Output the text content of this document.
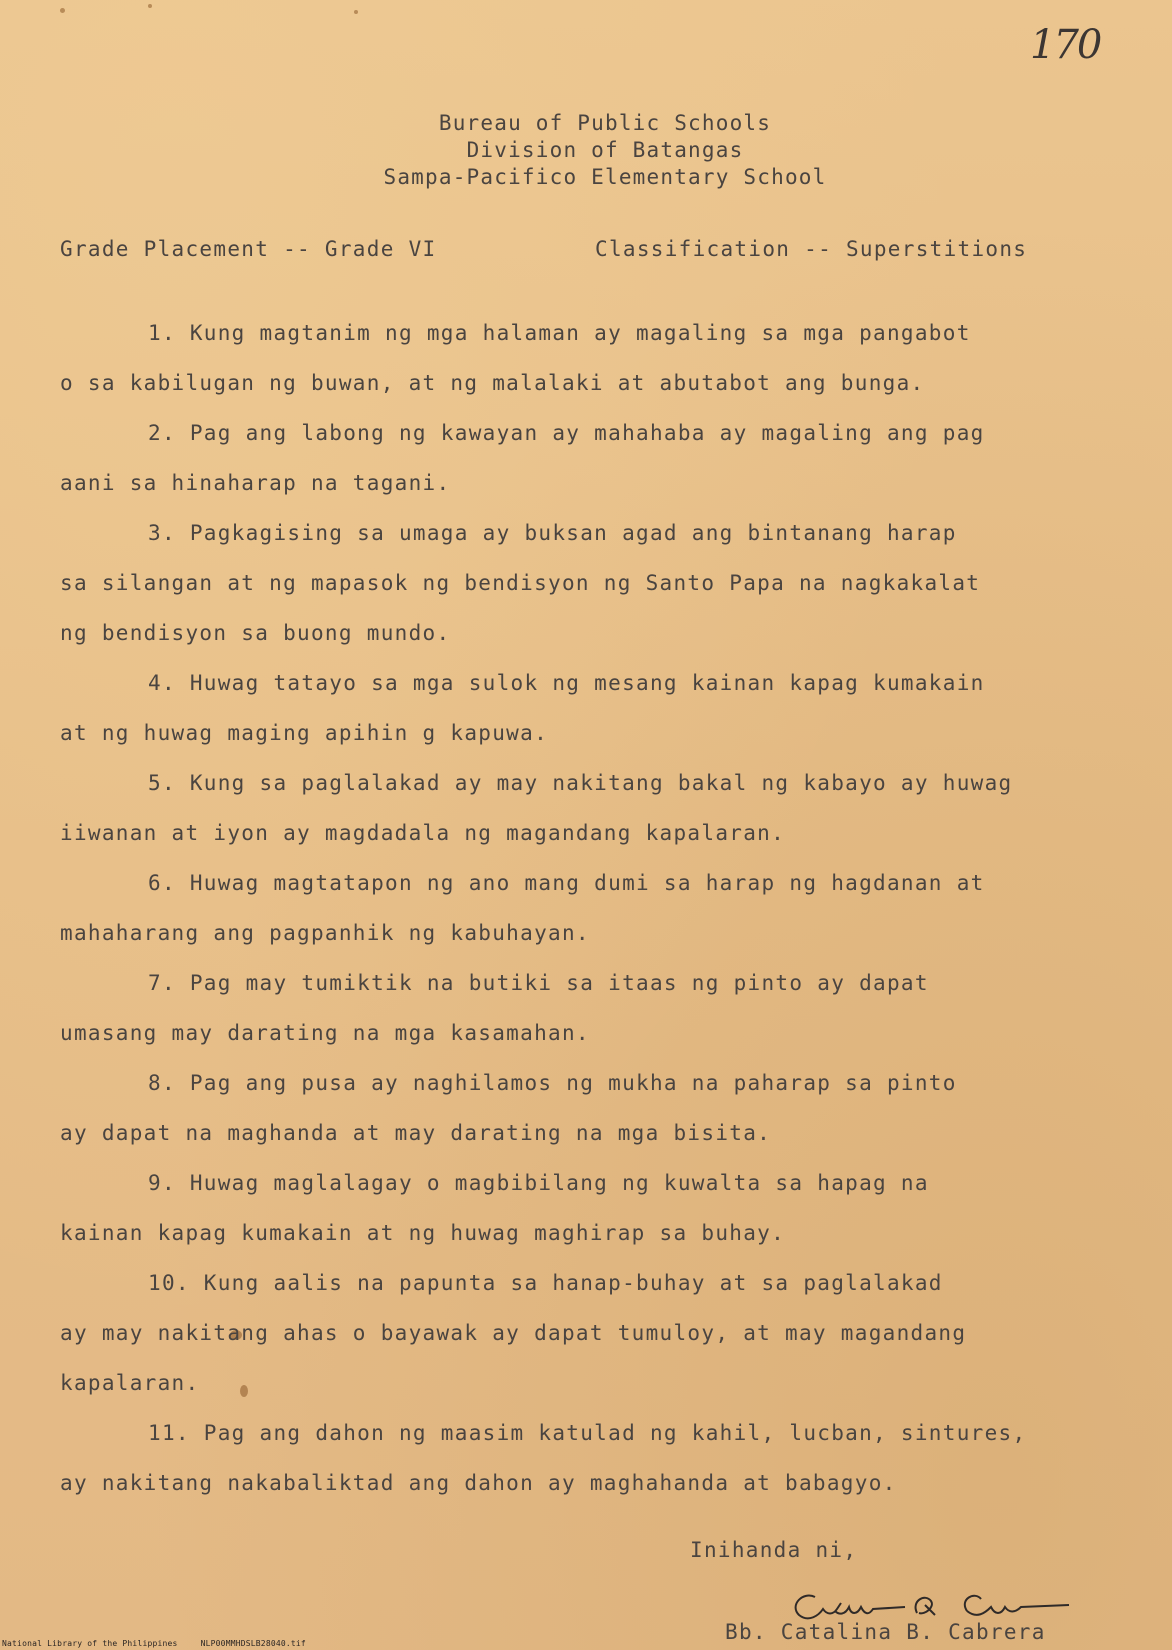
170
Bureau of Public Schools
Division of Batangas
Sampa-Pacifico Elementary School
Grade Placement -- Grade VI	Classification -- Superstitions
1. Kung magtanim ng mga halaman ay magaling sa mga pangabot
o sa kabilugan ng buwan, at ng malalaki at abutabot ang bunga.
2. Pag ang labong ng kawayan ay mahahaba ay magaling ang pag
aani sa hinaharap na tagani.
3. Pagkagising sa umaga ay buksan agad ang bintanang harap
sa silangan at ng mapasok ng bendisyon ng Santo Papa na nagkakalat
ng bendisyon sa buong mundo.
4. Huwag tatayo sa mga sulok ng mesang kainan kapag kumakain
at ng huwag maging apihin g kapuwa.
5. Kung sa paglalakad ay may nakitang bakal ng kabayo ay huwag
iiwanan at iyon ay magdadala ng magandang kapalaran.
6. Huwag magtatapon ng ano mang dumi sa harap ng hagdanan at
mahaharang ang pagpanhik ng kabuhayan.
7. Pag may tumiktik na butiki sa itaas ng pinto ay dapat
umasang may darating na mga kasamahan.
8. Pag ang pusa ay naghilamos ng mukha na paharap sa pinto
ay dapat na maghanda at may darating na mga bisita.
9. Huwag maglalagay o magbibilang ng kuwalta sa hapag na
kainan kapag kumakain at ng huwag maghirap sa buhay.
10. Kung aalis na papunta sa hanap-buhay at sa paglalakad
ay may nakitang ahas o bayawak ay dapat tumuloy, at may magandang
kapalaran.
11. Pag ang dahon ng maasim katulad ng kahil, lucban, sintures,
ay nakitang nakabaliktad ang dahon ay maghahanda at babagyo.
Inihanda ni,
Bb. Catalina B. Cabrera
National Library of the Philippines	NLP00MMHDSLB28040.tif
